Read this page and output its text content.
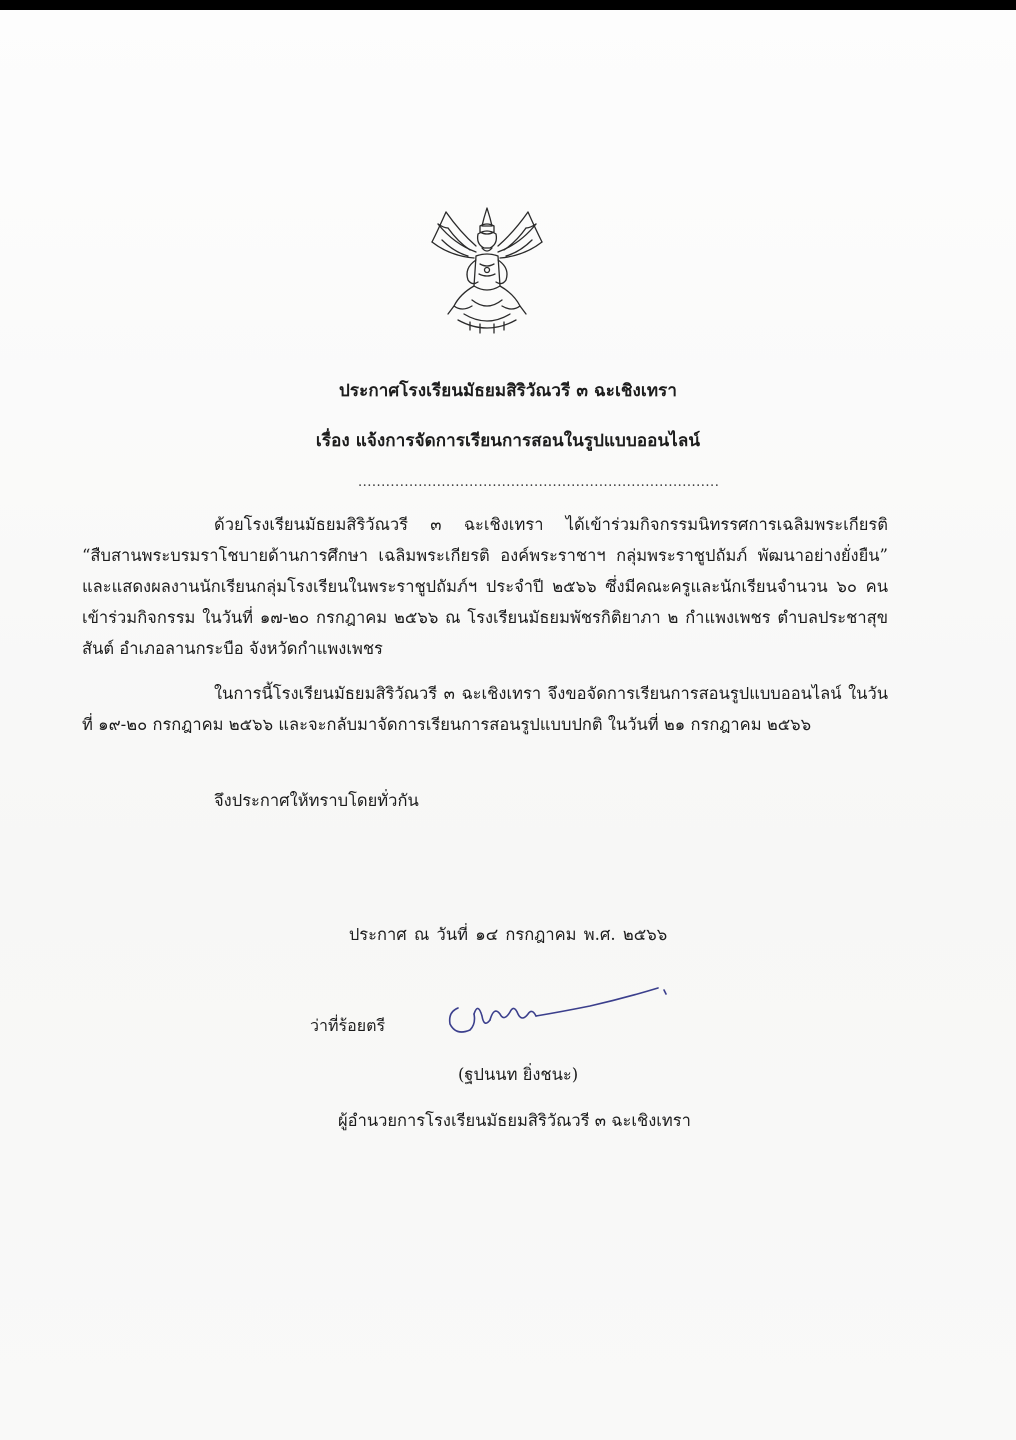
ประกาศโรงเรียนมัธยมสิริวัณวรี ๓ ฉะเชิงเทรา
เรื่อง แจ้งการจัดการเรียนการสอนในรูปแบบออนไลน์
..............................................................................

ด้วยโรงเรียนมัธยมสิริวัณวรี ๓ ฉะเชิงเทรา ได้เข้าร่วมกิจกรรมนิทรรศการเฉลิมพระเกียรติ “สืบสานพระบรมราโชบายด้านการศึกษา เฉลิมพระเกียรติ องค์พระราชาฯ กลุ่มพระราชูปถัมภ์ พัฒนาอย่างยั่งยืน” และแสดงผลงานนักเรียนกลุ่มโรงเรียนในพระราชูปถัมภ์ฯ ประจำปี ๒๕๖๖ ซึ่งมีคณะครูและนักเรียนจำนวน ๖๐ คน เข้าร่วมกิจกรรม ในวันที่ ๑๗-๒๐ กรกฎาคม ๒๕๖๖ ณ โรงเรียนมัธยมพัชรกิติยาภา ๒ กำแพงเพชร ตำบลประชาสุขสันต์ อำเภอลานกระบือ จังหวัดกำแพงเพชร

ในการนี้โรงเรียนมัธยมสิริวัณวรี ๓ ฉะเชิงเทรา จึงขอจัดการเรียนการสอนรูปแบบออนไลน์ ในวันที่ ๑๙-๒๐ กรกฎาคม ๒๕๖๖ และจะกลับมาจัดการเรียนการสอนรูปแบบปกติ ในวันที่ ๒๑ กรกฎาคม ๒๕๖๖

จึงประกาศให้ทราบโดยทั่วกัน
ประกาศ ณ วันที่ ๑๔ กรกฎาคม พ.ศ. ๒๕๖๖
ว่าที่ร้อยตรี
(ฐปนนท ยิ่งชนะ)
ผู้อำนวยการโรงเรียนมัธยมสิริวัณวรี ๓ ฉะเชิงเทรา
